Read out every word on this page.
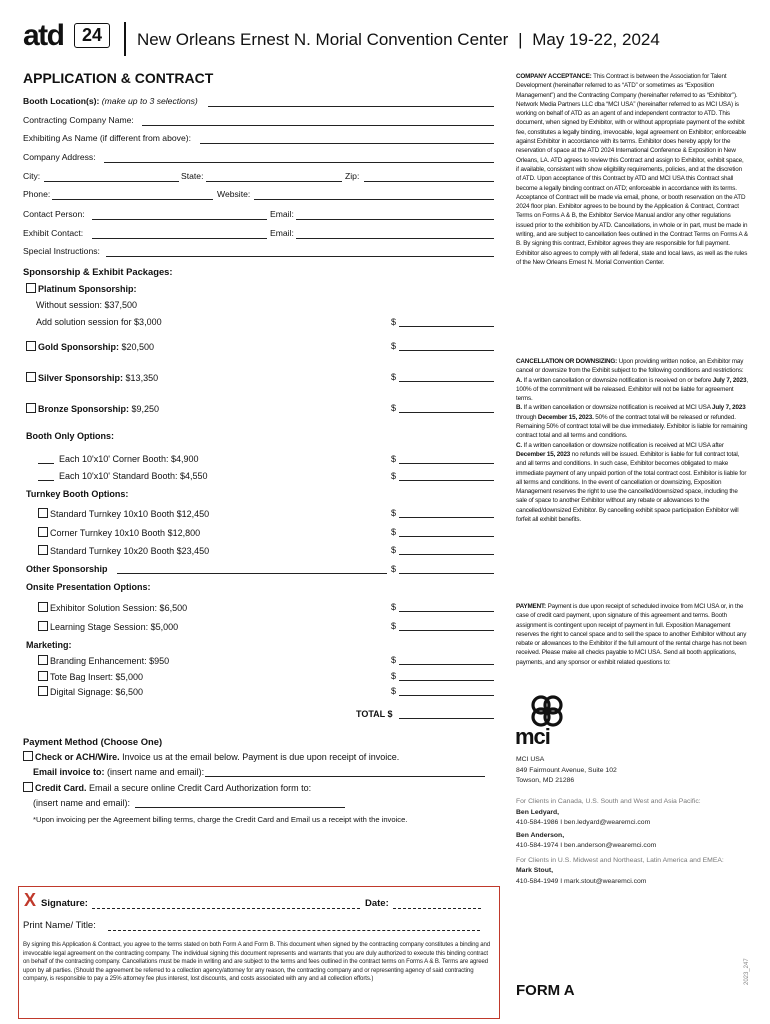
atd	24	New Orleans Ernest N. Morial Convention Center | May 19-22, 2024
APPLICATION & CONTRACT
Booth Location(s): (make up to 3 selections)
Contracting Company Name:
Exhibiting As Name (if different from above):
Company Address:
City:	State:	Zip:
Phone:	Website:
Contact Person:	Email:
Exhibit Contact:	Email:
Special Instructions:
Sponsorship & Exhibit Packages:
Platinum Sponsorship:
Without session: $37,500
Add solution session for $3,000	$
Gold Sponsorship: $20,500	$
Silver Sponsorship: $13,350	$
Bronze Sponsorship: $9,250	$
Booth Only Options:
Each 10'x10' Corner Booth: $4,900	$
Each 10'x10' Standard Booth: $4,550	$
Turnkey Booth Options:
Standard Turnkey 10x10 Booth $12,450	$
Corner Turnkey 10x10 Booth $12,800	$
Standard Turnkey 10x20 Booth $23,450	$
Other Sponsorship	$
Onsite Presentation Options:
Exhibitor Solution Session: $6,500	$
Learning Stage Session: $5,000	$
Marketing:
Branding Enhancement: $950	$
Tote Bag Insert: $5,000	$
Digital Signage: $6,500	$
TOTAL $
Payment Method (Choose One)
Check or ACH/Wire. Invoice us at the email below. Payment is due upon receipt of invoice.
Email invoice to: (insert name and email):
Credit Card. Email a secure online Credit Card Authorization form to:
(insert name and email):
*Upon invoicing per the Agreement billing terms, charge the Credit Card and Email us a receipt with the invoice.
X Signature:	Date:
Print Name/ Title:
By signing this Application & Contract, you agree to the terms stated on both Form A and Form B. This document when signed by the contracting company constitutes a binding and irrevocable legal agreement on the contracting company. The individual signing this document represents and warrants that you are duly authorized to execute this binding contract on behalf of the contracting company. Cancellations must be made in writing and are subject to the terms and fees outlined in the contract terms on Forms A & B. Terms are agreed upon by all parties. (Should the agreement be referred to a collection agency/attorney for any reason, the contracting company and or representing agency of said contracting company, is responsible to pay a 25% attorney fee plus interest, lost discounts, and costs associated with any and all collection efforts.)
FORM A
2023_247
COMPANY ACCEPTANCE: This Contract is between the Association for Talent Development (hereinafter referred to as “ATD” or sometimes as “Exposition Management”) and the Contracting Company (hereinafter referred to as “Exhibitor”). Network Media Partners LLC dba “MCI USA” (hereinafter referred to as MCI USA) is working on behalf of ATD as an agent of and independent contractor to ATD. This document, when signed by Exhibitor, with or without appropriate payment of the exhibit fee, constitutes a legally binding, irrevocable, legal agreement on Exhibitor; enforceable against Exhibitor in accordance with its terms. Exhibitor does hereby apply for the reservation of space at the ATD 2024 International Conference & Exposition in New Orleans, LA. ATD agrees to review this Contract and assign to Exhibitor, exhibit space, if available, consistent with show eligibility requirements, policies, and at the discretion of ATD. Upon acceptance of this Contract by ATD and MCI USA this Contract shall become a legally binding contract on ATD; enforceable in accordance with its terms. Acceptance of Contract will be made via email, phone, or booth reservation on the ATD 2024 floor plan. Exhibitor agrees to be bound by the Application & Contract, Contract Terms on Forms A & B, the Exhibitor Service Manual and/or any other regulations issued prior to the exhibition by ATD. Cancellations, in whole or in part, must be made in writing, and are subject to cancellation fees outlined in the Contract Terms on Forms A & B. By signing this contract, Exhibitor agrees they are responsible for full payment. Exhibitor also agrees to comply with all federal, state and local laws, as well as the rules of the New Orleans Ernest N. Morial Convention Center.
CANCELLATION OR DOWNSIZING: Upon providing written notice, an Exhibitor may cancel or downsize from the Exhibit subject to the following conditions and restrictions:
A. If a written cancellation or downsize notification is received on or before July 7, 2023, 100% of the commitment will be released. Exhibitor will not be liable for agreement terms.
B. If a written cancellation or downsize notification is received at MCI USA July 7, 2023 through December 15, 2023. 50% of the contract total will be released or refunded. Remaining 50% of contract total will be due immediately. Exhibitor is liable for remaining contract total and all terms and conditions.
C. If a written cancellation or downsize notification is received at MCI USA after December 15, 2023 no refunds will be issued. Exhibitor is liable for full contract total, and all terms and conditions. In such case, Exhibitor becomes obligated to make immediate payment of any unpaid portion of the total contract cost. Exhibitor is liable for all terms and conditions. In the event of cancellation or downsizing, Exposition Management reserves the right to use the cancelled/downsized space, including the sale of space to another Exhibitor without any rebate or allowances to the cancelled/downsized Exhibitor. By cancelling exhibit space participation Exhibitor will forfeit all exhibit benefits.
PAYMENT: Payment is due upon receipt of scheduled invoice from MCI USA or, in the case of credit card payment, upon signature of this agreement and terms. Booth assignment is contingent upon receipt of payment in full. Exposition Management reserves the right to cancel space and to sell the space to another Exhibitor without any rebate or allowances to the Exhibitor if the full amount of the rental charge has not been received. Please make all checks payable to MCI USA. Send all booth applications, payments, and any sponsor or exhibit related questions to:
mci
MCI USA
849 Fairmount Avenue, Suite 102
Towson, MD 21286
For Clients in Canada, U.S. South and West and Asia Pacific:
Ben Ledyard,
410-584-1986 I ben.ledyard@wearemci.com
Ben Anderson,
410-584-1974 I ben.anderson@wearemci.com
For Clients in U.S. Midwest and Northeast, Latin America and EMEA:
Mark Stout,
410-584-1949 I mark.stout@wearemci.com
